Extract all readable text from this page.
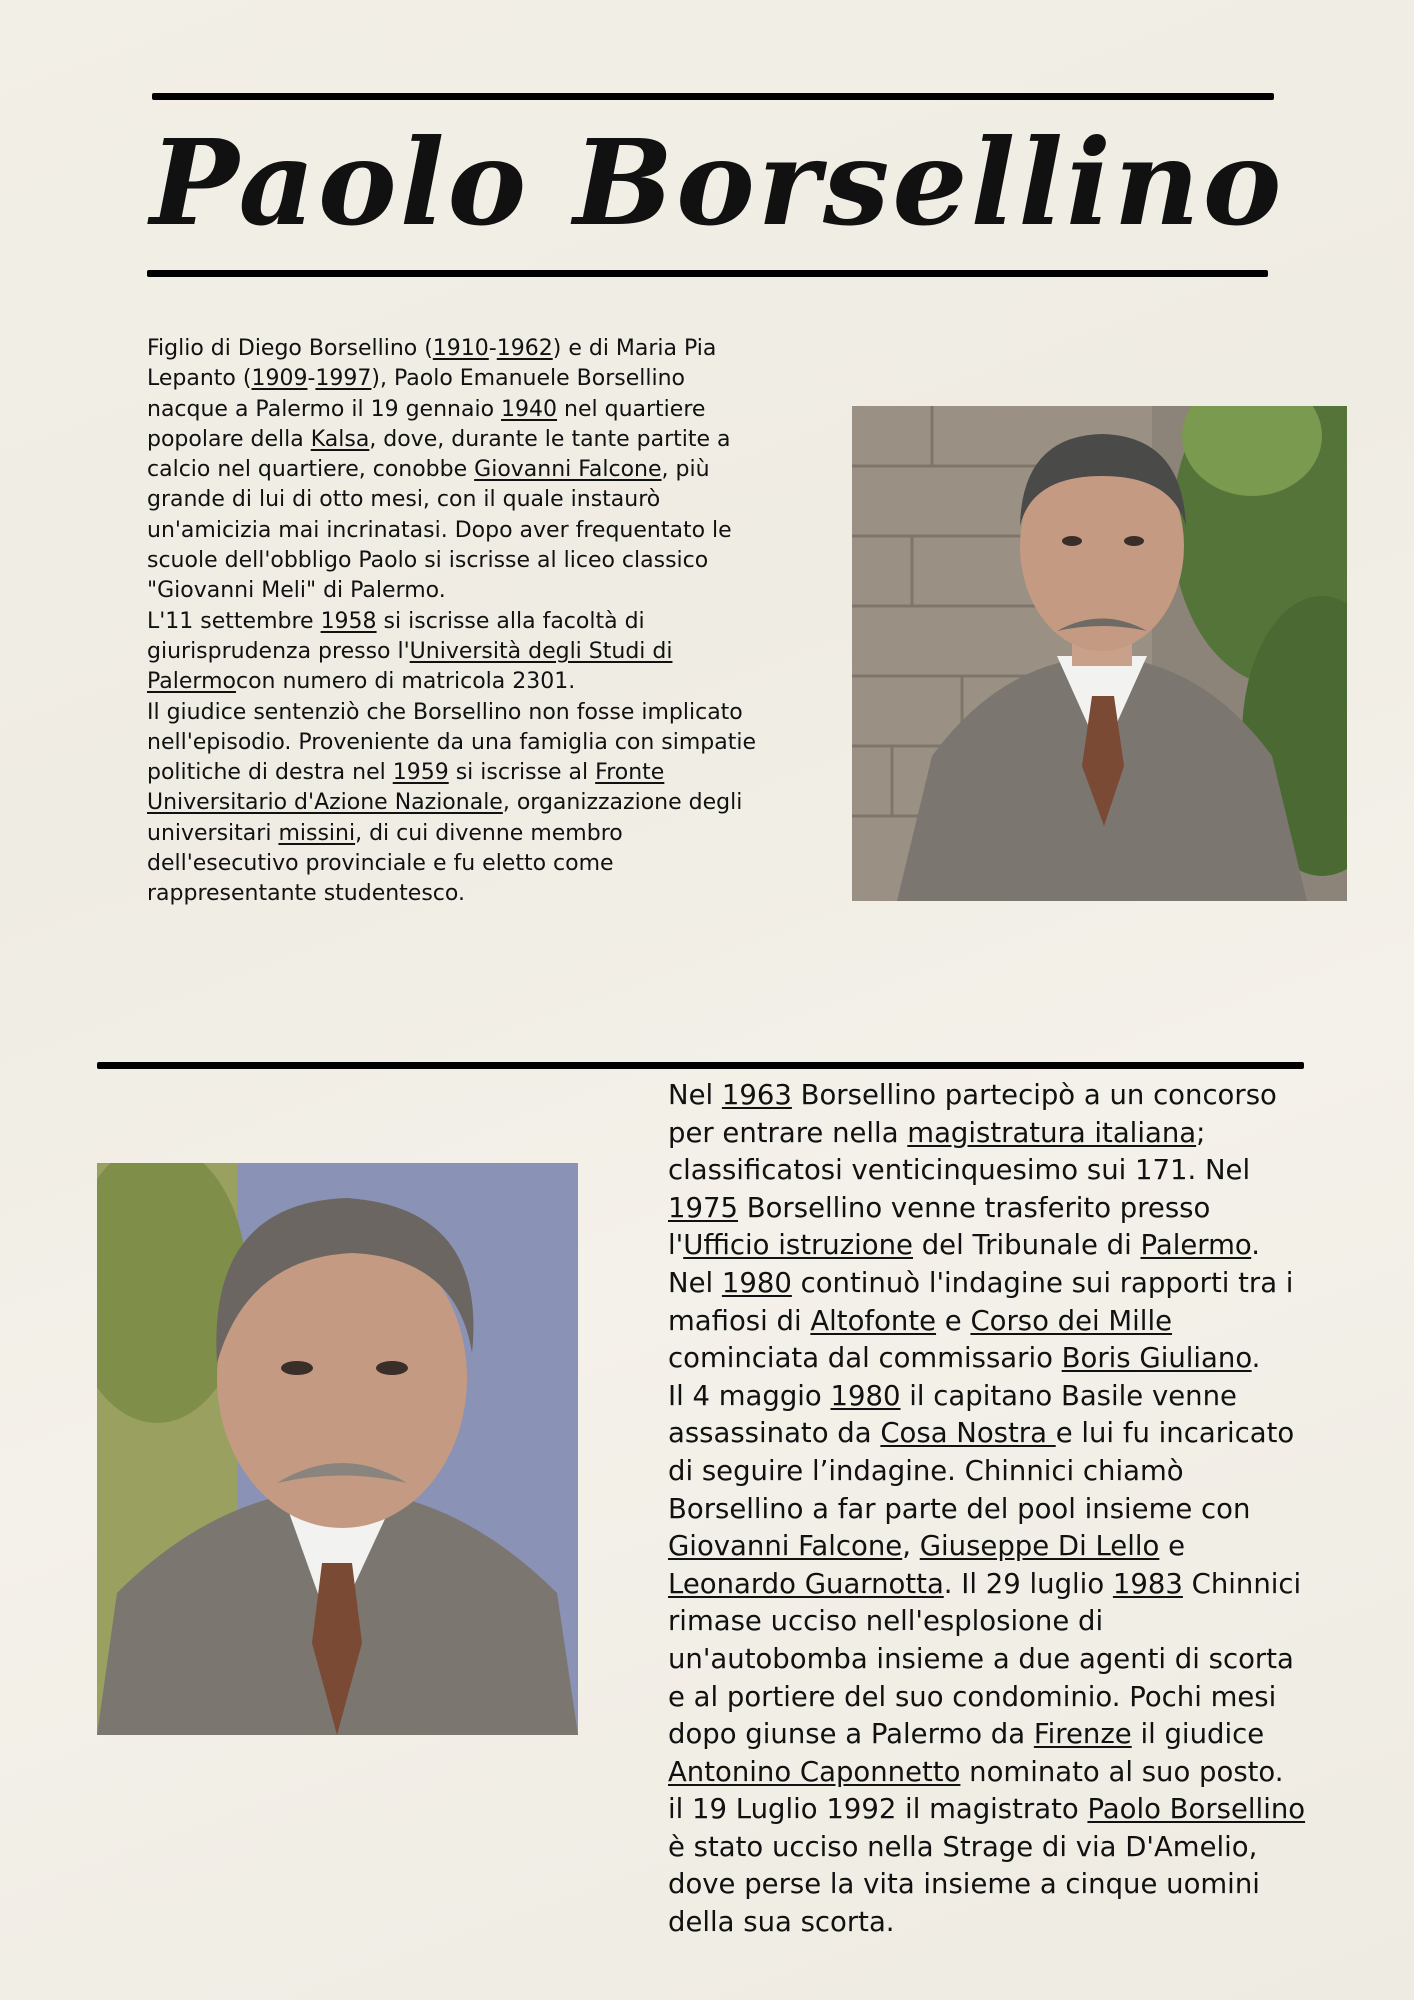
Paolo Borsellino

Figlio di Diego Borsellino (1910-1962) e di Maria Pia Lepanto (1909-1997), Paolo Emanuele Borsellino nacque a Palermo il 19 gennaio 1940 nel quartiere popolare della Kalsa, dove, durante le tante partite a calcio nel quartiere, conobbe Giovanni Falcone, più grande di lui di otto mesi, con il quale instaurò un'amicizia mai incrinatasi. Dopo aver frequentato le scuole dell'obbligo Paolo si iscrisse al liceo classico "Giovanni Meli" di Palermo.

L'11 settembre 1958 si iscrisse alla facoltà di giurisprudenza presso l'Università degli Studi di Palermocon numero di matricola 2301.

Il giudice sentenziò che Borsellino non fosse implicato nell'episodio. Proveniente da una famiglia con simpatie politiche di destra nel 1959 si iscrisse al Fronte Universitario d'Azione Nazionale, organizzazione degli universitari missini, di cui divenne membro dell'esecutivo provinciale e fu eletto come rappresentante studentesco.

Nel 1963 Borsellino partecipò a un concorso per entrare nella magistratura italiana; classificatosi venticinquesimo sui 171. Nel 1975 Borsellino venne trasferito presso l'Ufficio istruzione del Tribunale di Palermo. Nel 1980 continuò l'indagine sui rapporti tra i mafiosi di Altofonte e Corso dei Mille cominciata dal commissario Boris Giuliano.

Il 4 maggio 1980 il capitano Basile venne assassinato da Cosa Nostra e lui fu incaricato di seguire l’indagine. Chinnici chiamò Borsellino a far parte del pool insieme con Giovanni Falcone, Giuseppe Di Lello e Leonardo Guarnotta. Il 29 luglio 1983 Chinnici rimase ucciso nell'esplosione di un'autobomba insieme a due agenti di scorta e al portiere del suo condominio. Pochi mesi dopo giunse a Palermo da Firenze il giudice Antonino Caponnetto nominato al suo posto.

il 19 Luglio 1992 il magistrato Paolo Borsellino è stato ucciso nella Strage di via D'Amelio, dove perse la vita insieme a cinque uomini della sua scorta.
